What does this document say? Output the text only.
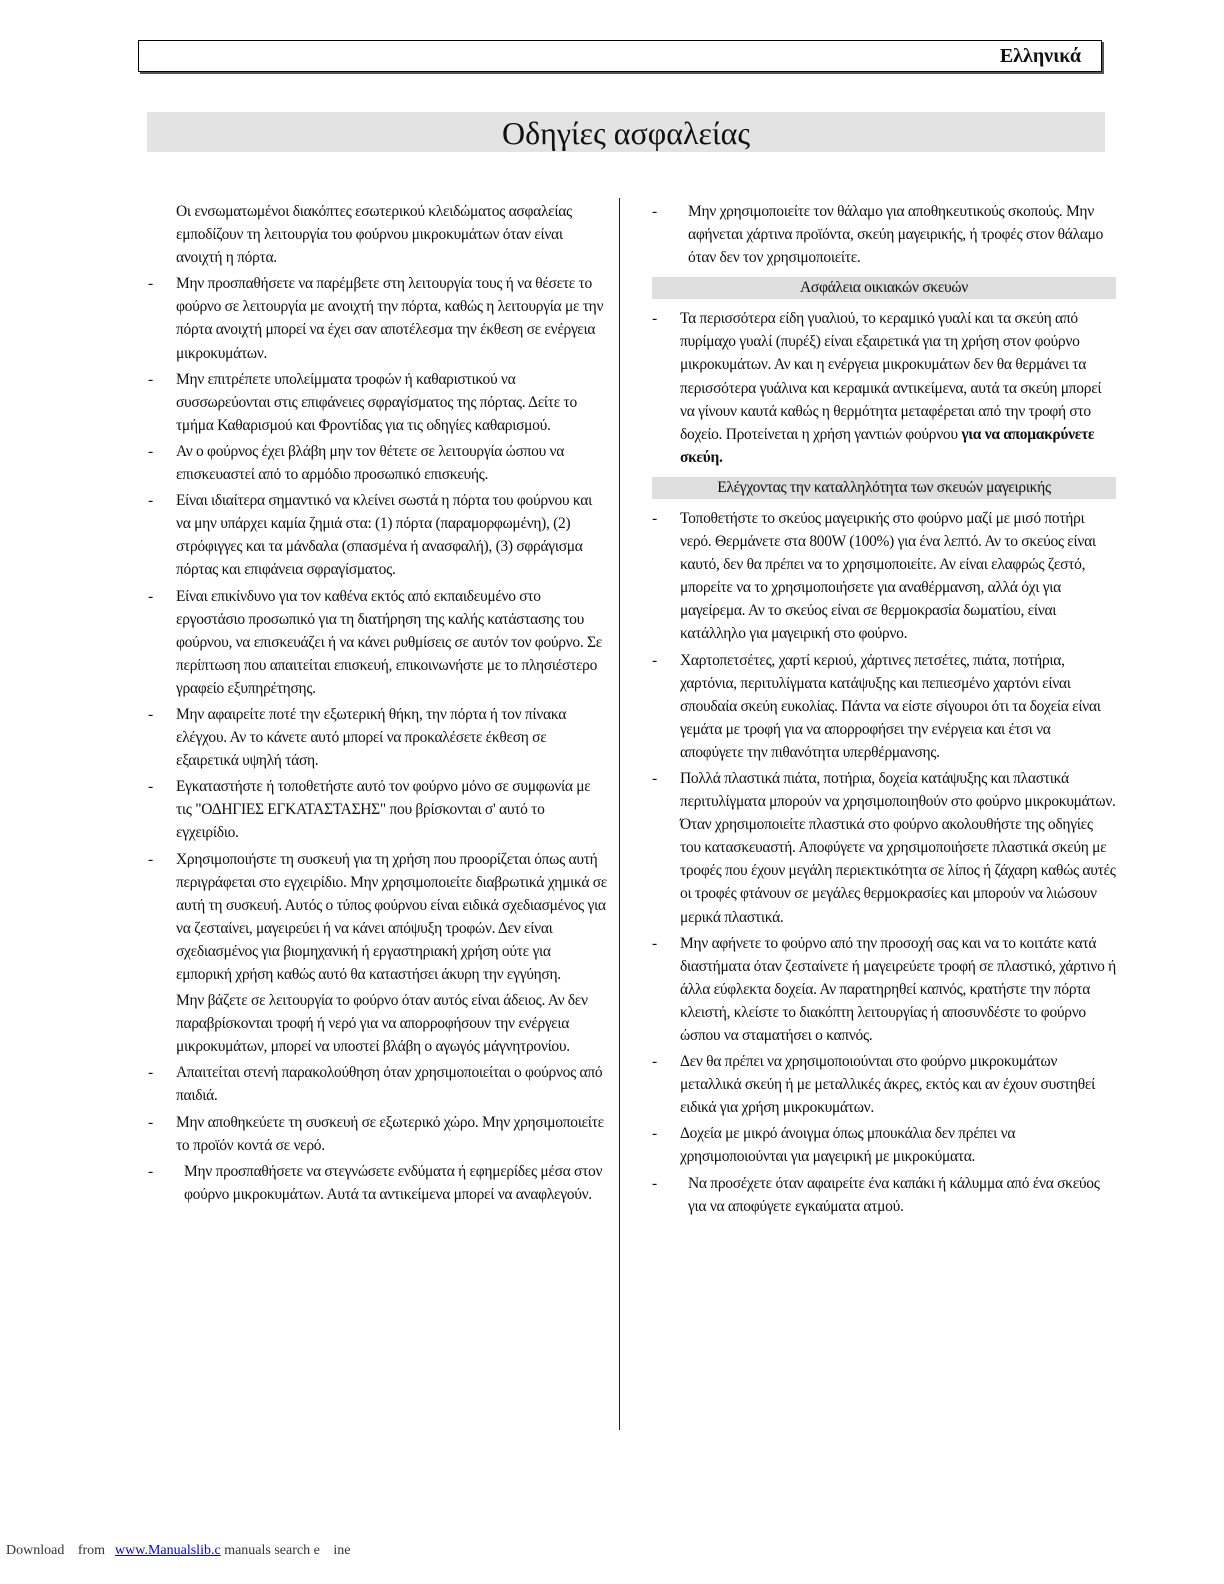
Ελληνικά
Οδηγίες ασφαλείας

Οι ενσωματωμένοι διακόπτες εσωτερικού κλειδώματος ασφαλείας εμποδίζουν τη λειτουργία του φούρνου μικροκυμάτων όταν είναι ανοιχτή η πόρτα.

- Μην προσπαθήσετε να παρέμβετε στη λειτουργία τους ή να θέσετε το φούρνο σε λειτουργία με ανοιχτή την πόρτα, καθώς η λειτουργία με την πόρτα ανοιχτή μπορεί να έχει σαν αποτέλεσμα την έκθεση σε ενέργεια μικροκυμάτων.

- Μην επιτρέπετε υπολείμματα τροφών ή καθαριστικού να συσσωρεύονται στις επιφάνειες σφραγίσματος της πόρτας. Δείτε το τμήμα Καθαρισμού και Φροντίδας για τις οδηγίες καθαρισμού.

- Αν ο φούρνος έχει βλάβη μην τον θέτετε σε λειτουργία ώσπου να επισκευαστεί από το αρμόδιο προσωπικό επισκευής.

- Είναι ιδιαίτερα σημαντικό να κλείνει σωστά η πόρτα του φούρνου και να μην υπάρχει καμία ζημιά στα: (1) πόρτα (παραμορφωμένη), (2) στρόφιγγες και τα μάνδαλα (σπασμένα ή ανασφαλή), (3) σφράγισμα πόρτας και επιφάνεια σφραγίσματος.

- Είναι επικίνδυνο για τον καθένα εκτός από εκπαιδευμένο στο εργοστάσιο προσωπικό για τη διατήρηση της καλής κατάστασης του φούρνου, να επισκευάζει ή να κάνει ρυθμίσεις σε αυτόν τον φούρνο. Σε περίπτωση που απαιτείται επισκευή, επικοινωνήστε με το πλησιέστερο γραφείο εξυπηρέτησης.

- Μην αφαιρείτε ποτέ την εξωτερική θήκη, την πόρτα ή τον πίνακα ελέγχου. Αν το κάνετε αυτό μπορεί να προκαλέσετε έκθεση σε εξαιρετικά υψηλή τάση.

- Εγκαταστήστε ή τοποθετήστε αυτό τον φούρνο μόνο σε συμφωνία με τις "ΟΔΗΓΙΕΣ ΕΓΚΑΤΑΣΤΑΣΗΣ" που βρίσκονται σ' αυτό το εγχειρίδιο.

- Χρησιμοποιήστε τη συσκευή για τη χρήση που προορίζεται όπως αυτή περιγράφεται στο εγχειρίδιο. Μην χρησιμοποιείτε διαβρωτικά χημικά σε αυτή τη συσκευή. Αυτός ο τύπος φούρνου είναι ειδικά σχεδιασμένος για να ζεσταίνει, μαγειρεύει ή να κάνει απόψυξη τροφών. Δεν είναι σχεδιασμένος για βιομηχανική ή εργαστηριακή χρήση ούτε για εμπορική χρήση καθώς αυτό θα καταστήσει άκυρη την εγγύηση.

Μην βάζετε σε λειτουργία το φούρνο όταν αυτός είναι άδειος. Αν δεν παραβρίσκονται τροφή ή νερό για να απορροφήσουν την ενέργεια μικροκυμάτων, μπορεί να υποστεί βλάβη ο αγωγός μάγνητρονίου.

- Απαιτείται στενή παρακολούθηση όταν χρησιμοποιείται ο φούρνος από παιδιά.

- Μην αποθηκεύετε τη συσκευή σε εξωτερικό χώρο. Μην χρησιμοποιείτε το προϊόν κοντά σε νερό.

- Μην προσπαθήσετε να στεγνώσετε ενδύματα ή εφημερίδες μέσα στον φούρνο μικροκυμάτων. Αυτά τα αντικείμενα μπορεί να αναφλεγούν.

- Μην χρησιμοποιείτε τον θάλαμο για αποθηκευτικούς σκοπούς. Μην αφήνεται χάρτινα προϊόντα, σκεύη μαγειρικής, ή τροφές στον θάλαμο όταν δεν τον χρησιμοποιείτε.

Ασφάλεια οικιακών σκευών

- Τα περισσότερα είδη γυαλιού, το κεραμικό γυαλί και τα σκεύη από πυρίμαχο γυαλί (πυρέξ) είναι εξαιρετικά για τη χρήση στον φούρνο μικροκυμάτων. Αν και η ενέργεια μικροκυμάτων δεν θα θερμάνει τα περισσότερα γυάλινα και κεραμικά αντικείμενα, αυτά τα σκεύη μπορεί να γίνουν καυτά καθώς η θερμότητα μεταφέρεται από την τροφή στο δοχείο. Προτείνεται η χρήση γαντιών φούρνου για να απομακρύνετε σκεύη.

Ελέγχοντας την καταλληλότητα των σκευών μαγειρικής

- Τοποθετήστε το σκεύος μαγειρικής στο φούρνο μαζί με μισό ποτήρι νερό. Θερμάνετε στα 800W (100%) για ένα λεπτό. Αν το σκεύος είναι καυτό, δεν θα πρέπει να το χρησιμοποιείτε. Αν είναι ελαφρώς ζεστό, μπορείτε να το χρησιμοποιήσετε για αναθέρμανση, αλλά όχι για μαγείρεμα. Αν το σκεύος είναι σε θερμοκρασία δωματίου, είναι κατάλληλο για μαγειρική στο φούρνο.

- Χαρτοπετσέτες, χαρτί κεριού, χάρτινες πετσέτες, πιάτα, ποτήρια, χαρτόνια, περιτυλίγματα κατάψυξης και πεπιεσμένο χαρτόνι είναι σπουδαία σκεύη ευκολίας. Πάντα να είστε σίγουροι ότι τα δοχεία είναι γεμάτα με τροφή για να απορροφήσει την ενέργεια και έτσι να αποφύγετε την πιθανότητα υπερθέρμανσης.

- Πολλά πλαστικά πιάτα, ποτήρια, δοχεία κατάψυξης και πλαστικά περιτυλίγματα μπορούν να χρησιμοποιηθούν στο φούρνο μικροκυμάτων. Όταν χρησιμοποιείτε πλαστικά στο φούρνο ακολουθήστε της οδηγίες του κατασκευαστή. Αποφύγετε να χρησιμοποιήσετε πλαστικά σκεύη με τροφές που έχουν μεγάλη περιεκτικότητα σε λίπος ή ζάχαρη καθώς αυτές οι τροφές φτάνουν σε μεγάλες θερμοκρασίες και μπορούν να λιώσουν μερικά πλαστικά.

- Μην αφήνετε το φούρνο από την προσοχή σας και να το κοιτάτε κατά διαστήματα όταν ζεσταίνετε ή μαγειρεύετε τροφή σε πλαστικό, χάρτινο ή άλλα εύφλεκτα δοχεία. Αν παρατηρηθεί καπνός, κρατήστε την πόρτα κλειστή, κλείστε το διακόπτη λειτουργίας ή αποσυνδέστε το φούρνο ώσπου να σταματήσει ο καπνός.

- Δεν θα πρέπει να χρησιμοποιούνται στο φούρνο μικροκυμάτων μεταλλικά σκεύη ή με μεταλλικές άκρες, εκτός και αν έχουν συστηθεί ειδικά για χρήση μικροκυμάτων.

- Δοχεία με μικρό άνοιγμα όπως μπουκάλια δεν πρέπει να χρησιμοποιούνται για μαγειρική με μικροκύματα.

- Να προσέχετε όταν αφαιρείτε ένα καπάκι ή κάλυμμα από ένα σκεύος για να αποφύγετε εγκαύματα ατμού.

Download from www.Manualslib.c manuals search e ine
